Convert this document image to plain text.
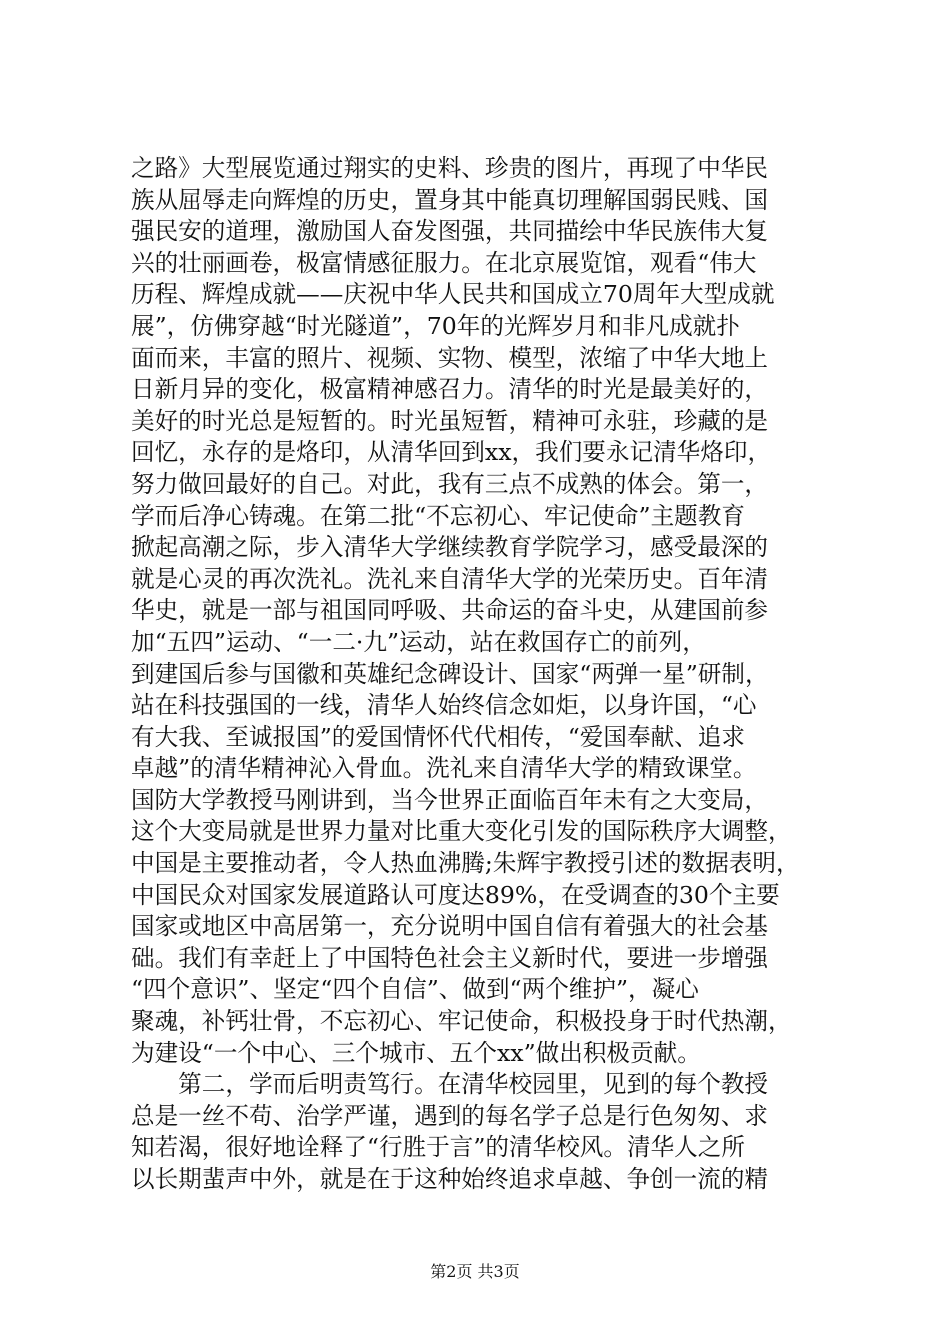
之路》大型展览通过翔实的史料、珍贵的图片，再现了中华民
族从屈辱走向辉煌的历史，置身其中能真切理解国弱民贱、国
强民安的道理，激励国人奋发图强，共同描绘中华民族伟大复
兴的壮丽画卷，极富情感征服力。在北京展览馆，观看“伟大
历程、辉煌成就——庆祝中华人民共和国成立70周年大型成就
展”，仿佛穿越“时光隧道”，70年的光辉岁月和非凡成就扑
面而来，丰富的照片、视频、实物、模型，浓缩了中华大地上
日新月异的变化，极富精神感召力。清华的时光是最美好的，
美好的时光总是短暂的。时光虽短暂，精神可永驻，珍藏的是
回忆，永存的是烙印，从清华回到xx，我们要永记清华烙印，
努力做回最好的自己。对此，我有三点不成熟的体会。第一，
学而后净心铸魂。在第二批“不忘初心、牢记使命”主题教育
掀起高潮之际，步入清华大学继续教育学院学习，感受最深的
就是心灵的再次洗礼。洗礼来自清华大学的光荣历史。百年清
华史，就是一部与祖国同呼吸、共命运的奋斗史，从建国前参
加“五四”运动、“一二·九”运动，站在救国存亡的前列，
到建国后参与国徽和英雄纪念碑设计、国家“两弹一星”研制，
站在科技强国的一线，清华人始终信念如炬，以身许国，“心
有大我、至诚报国”的爱国情怀代代相传，“爱国奉献、追求
卓越”的清华精神沁入骨血。洗礼来自清华大学的精致课堂。
国防大学教授马刚讲到，当今世界正面临百年未有之大变局，
这个大变局就是世界力量对比重大变化引发的国际秩序大调整，
中国是主要推动者，令人热血沸腾;朱辉宇教授引述的数据表明，
中国民众对国家发展道路认可度达89%，在受调查的30个主要
国家或地区中高居第一，充分说明中国自信有着强大的社会基
础。我们有幸赶上了中国特色社会主义新时代，要进一步增强
“四个意识”、坚定“四个自信”、做到“两个维护”，凝心
聚魂，补钙壮骨，不忘初心、牢记使命，积极投身于时代热潮，
为建设“一个中心、三个城市、五个xx”做出积极贡献。
　　第二，学而后明责笃行。在清华校园里，见到的每个教授
总是一丝不苟、治学严谨，遇到的每名学子总是行色匆匆、求
知若渴，很好地诠释了“行胜于言”的清华校风。清华人之所
以长期蜚声中外，就是在于这种始终追求卓越、争创一流的精
第2页 共3页
